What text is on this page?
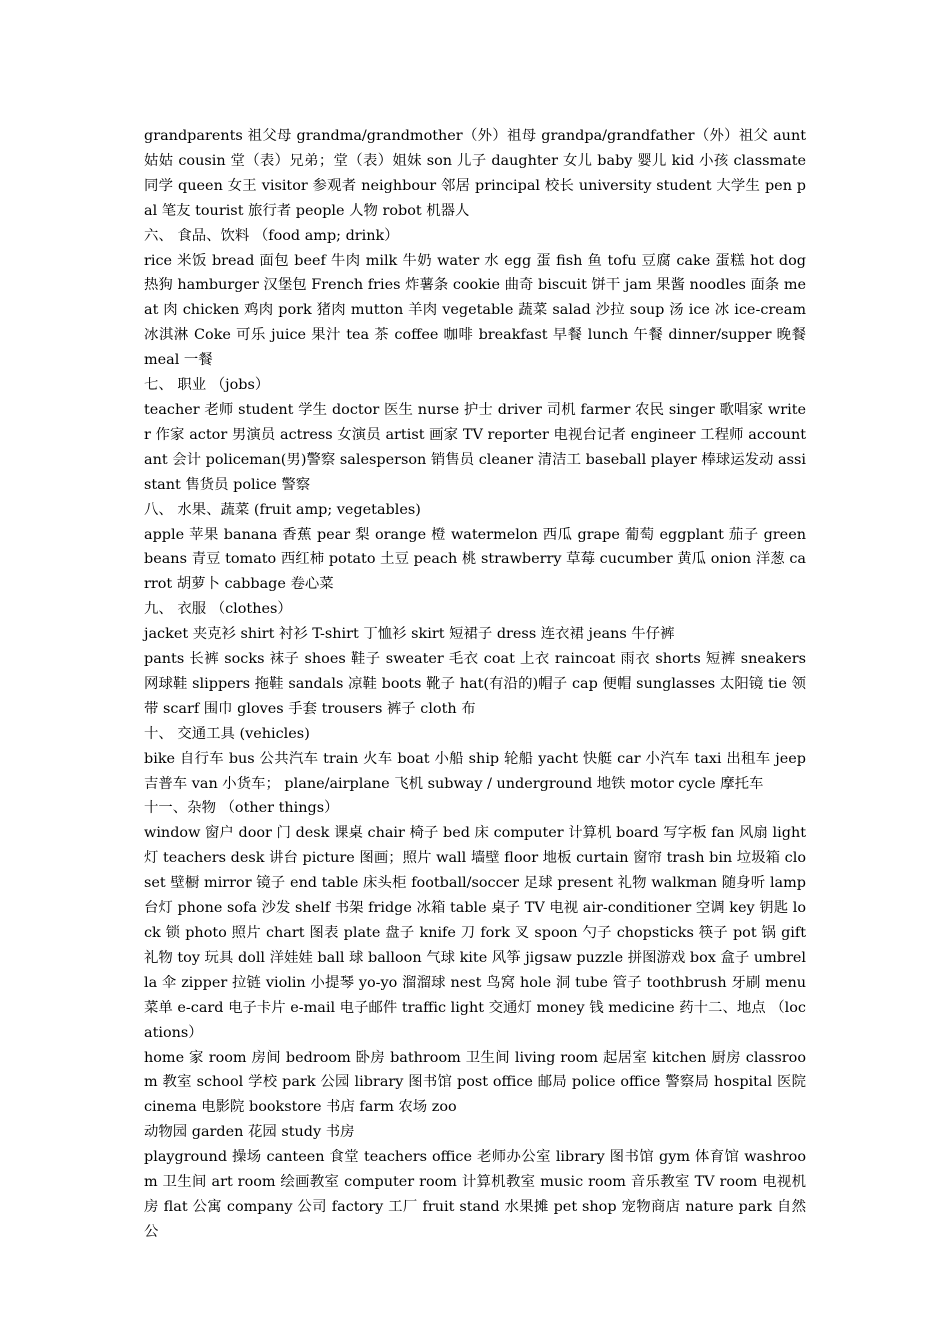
grandparents 祖父母 grandma/grandmother（外）祖母 grandpa/grandfather（外）祖父 aunt 姑姑 cousin 堂（表）兄弟；堂（表）姐妹 son 儿子 daughter 女儿 baby 婴儿 kid 小孩 classmate 同学 queen 女王 visitor 参观者 neighbour 邻居 principal 校长 university student 大学生 pen pal 笔友 tourist 旅行者 people 人物 robot 机器人
六、 食品、饮料 （food amp; drink）
rice 米饭 bread 面包 beef 牛肉 milk 牛奶 water 水 egg 蛋 fish 鱼 tofu 豆腐 cake 蛋糕 hot dog 热狗 hamburger 汉堡包 French fries 炸薯条 cookie 曲奇 biscuit 饼干 jam 果酱 noodles 面条 meat 肉 chicken 鸡肉 pork 猪肉 mutton 羊肉 vegetable 蔬菜 salad 沙拉 soup 汤 ice 冰 ice-cream 冰淇淋 Coke 可乐 juice 果汁 tea 茶 coffee 咖啡 breakfast 早餐 lunch 午餐 dinner/supper 晚餐 meal 一餐
七、 职业 （jobs）
teacher 老师 student 学生 doctor 医生 nurse 护士 driver 司机 farmer 农民 singer 歌唱家 writer 作家 actor 男演员 actress 女演员 artist 画家 TV reporter 电视台记者 engineer 工程师 accountant 会计 policeman(男)警察 salesperson 销售员 cleaner 清洁工 baseball player 棒球运发动 assistant 售货员 police 警察
八、 水果、蔬菜 (fruit amp; vegetables)
apple 苹果 banana 香蕉 pear 梨 orange 橙 watermelon 西瓜 grape 葡萄 eggplant 茄子 green beans 青豆 tomato 西红柿 potato 土豆 peach 桃 strawberry 草莓 cucumber 黄瓜 onion 洋葱 carrot 胡萝卜 cabbage 卷心菜
九、 衣服 （clothes）
jacket 夹克衫 shirt 衬衫 T-shirt 丁恤衫 skirt 短裙子 dress 连衣裙 jeans 牛仔裤
pants 长裤 socks 袜子 shoes 鞋子 sweater 毛衣 coat 上衣 raincoat 雨衣 shorts 短裤 sneakers 网球鞋 slippers 拖鞋 sandals 凉鞋 boots 靴子 hat(有沿的)帽子 cap 便帽 sunglasses 太阳镜 tie 领带 scarf 围巾 gloves 手套 trousers 裤子 cloth 布
十、 交通工具 (vehicles)
bike 自行车 bus 公共汽车 train 火车 boat 小船 ship 轮船 yacht 快艇 car 小汽车 taxi 出租车 jeep 吉普车 van 小货车； plane/airplane 飞机 subway / underground 地铁 motor cycle 摩托车
十一、杂物 （other things）
window 窗户 door 门 desk 课桌 chair 椅子 bed 床 computer 计算机 board 写字板 fan 风扇 light 灯 teachers desk 讲台 picture 图画；照片 wall 墙壁 floor 地板 curtain 窗帘 trash bin 垃圾箱 closet 壁橱 mirror 镜子 end table 床头柜 football/soccer 足球 present 礼物 walkman 随身听 lamp 台灯 phone sofa 沙发 shelf 书架 fridge 冰箱 table 桌子 TV 电视 air-conditioner 空调 key 钥匙 lock 锁 photo 照片 chart 图表 plate 盘子 knife 刀 fork 叉 spoon 勺子 chopsticks 筷子 pot 锅 gift 礼物 toy 玩具 doll 洋娃娃 ball 球 balloon 气球 kite 风筝 jigsaw puzzle 拼图游戏 box 盒子 umbrella 伞 zipper 拉链 violin 小提琴 yo-yo 溜溜球 nest 鸟窝 hole 洞 tube 管子 toothbrush 牙刷 menu 菜单 e-card 电子卡片 e-mail 电子邮件 traffic light 交通灯 money 钱 medicine 药十二、地点 （locations）
home 家 room 房间 bedroom 卧房 bathroom 卫生间 living room 起居室 kitchen 厨房 classroom 教室 school 学校 park 公园 library 图书馆 post office 邮局 police office 警察局 hospital 医院 cinema 电影院 bookstore 书店 farm 农场 zoo
动物园 garden 花园 study 书房
playground 操场 canteen 食堂 teachers office 老师办公室 library 图书馆 gym 体育馆 washroom 卫生间 art room 绘画教室 computer room 计算机教室 music room 音乐教室 TV room 电视机房 flat 公寓 company 公司 factory 工厂 fruit stand 水果摊 pet shop 宠物商店 nature park 自然公
